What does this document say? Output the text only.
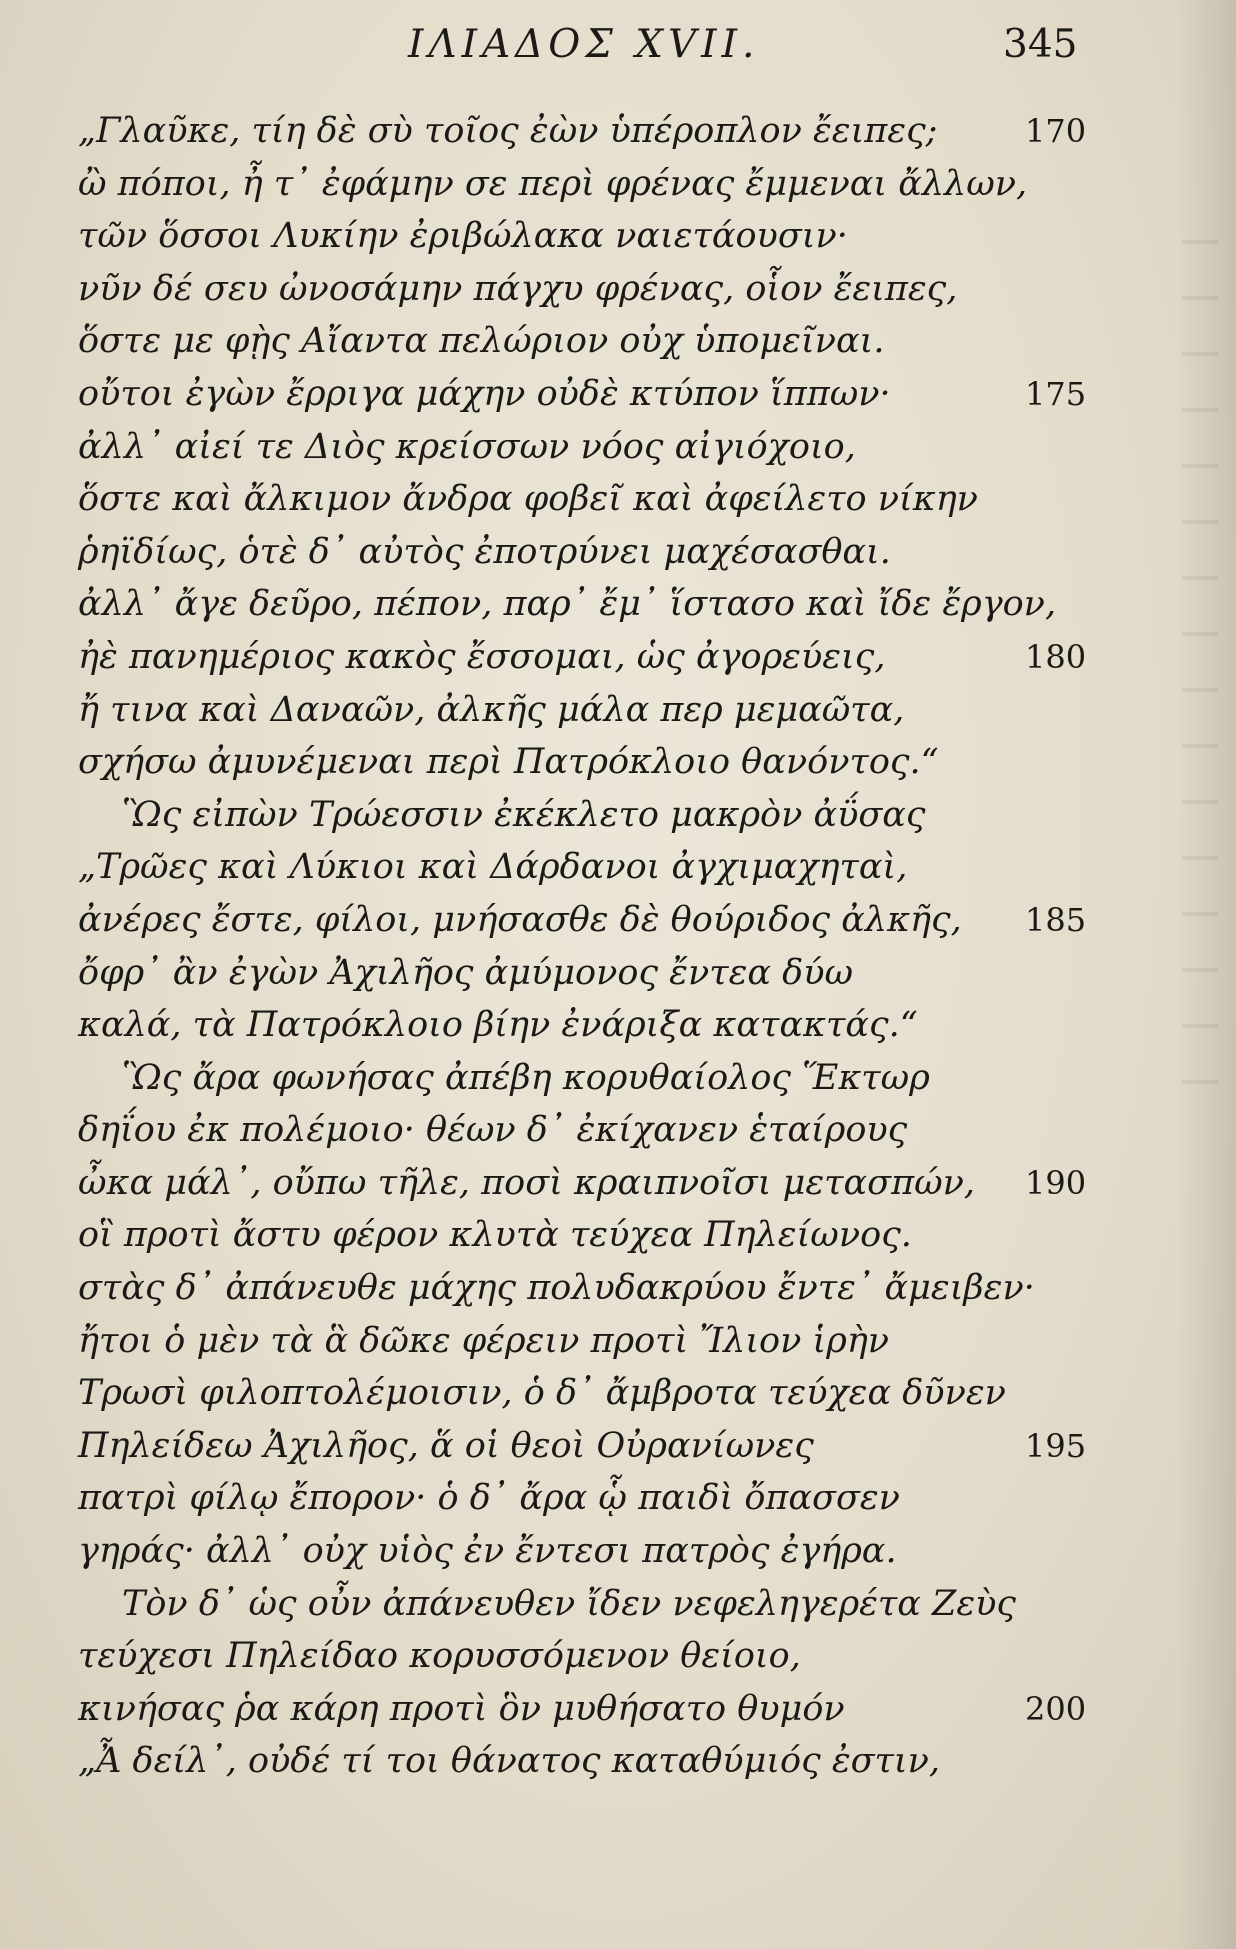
ΙΛΙΑΔΟΣ XVII.	345
„Γλαῦκε, τίη δὲ σὺ τοῖος ἐὼν ὑπέροπλον ἔειπες;	170
ὢ πόποι, ἦ τ᾽ ἐφάμην σε περὶ φρένας ἔμμεναι ἄλλων,
τῶν ὅσσοι Λυκίην ἐριβώλακα ναιετάουσιν·
νῦν δέ σευ ὠνοσάμην πάγχυ φρένας, οἷον ἔειπες,
ὅστε με φῂς Αἴαντα πελώριον οὐχ ὑπομεῖναι.
οὔτοι ἐγὼν ἔρριγα μάχην οὐδὲ κτύπον ἵππων·	175
ἀλλ᾽ αἰεί τε Διὸς κρείσσων νόος αἰγιόχοιο,
ὅστε καὶ ἄλκιμον ἄνδρα φοβεῖ καὶ ἀφείλετο νίκην
ῥηϊδίως, ὁτὲ δ᾽ αὐτὸς ἐποτρύνει μαχέσασθαι.
ἀλλ᾽ ἄγε δεῦρο, πέπον, παρ᾽ ἔμ᾽ ἵστασο καὶ ἴδε ἔργον,
ἠὲ πανημέριος κακὸς ἔσσομαι, ὡς ἀγορεύεις,	180
ἤ τινα καὶ Δαναῶν, ἀλκῆς μάλα περ μεμαῶτα,
σχήσω ἀμυνέμεναι περὶ Πατρόκλοιο θανόντος.“
Ὣς εἰπὼν Τρώεσσιν ἐκέκλετο μακρὸν ἀΰσας
„Τρῶες καὶ Λύκιοι καὶ Δάρδανοι ἀγχιμαχηταὶ,
ἀνέρες ἔστε, φίλοι, μνήσασθε δὲ θούριδος ἀλκῆς, 185
ὄφρ᾽ ἂν ἐγὼν Ἀχιλῆος ἀμύμονος ἔντεα δύω
καλά, τὰ Πατρόκλοιο βίην ἐνάριξα κατακτάς.“
Ὣς ἄρα φωνήσας ἀπέβη κορυθαίολος Ἕκτωρ
δηΐου ἐκ πολέμοιο· θέων δ᾽ ἐκίχανεν ἑταίρους
ὦκα μάλ᾽, οὔπω τῆλε, ποσὶ κραιπνοῖσι μετασπών, 190
οἳ προτὶ ἄστυ φέρον κλυτὰ τεύχεα Πηλείωνος.
στὰς δ᾽ ἀπάνευθε μάχης πολυδακρύου ἔντε᾽ ἄμειβεν·
ἤτοι ὁ μὲν τὰ ἃ δῶκε φέρειν προτὶ Ἴλιον ἱρὴν
Τρωσὶ φιλοπτολέμοισιν, ὁ δ᾽ ἄμβροτα τεύχεα δῦνεν
Πηλείδεω Ἀχιλῆος, ἅ οἱ θεοὶ Οὐρανίωνες	195
πατρὶ φίλῳ ἔπορον· ὁ δ᾽ ἄρα ᾧ παιδὶ ὄπασσεν
γηράς· ἀλλ᾽ οὐχ υἱὸς ἐν ἔντεσι πατρὸς ἐγήρα.
Τὸν δ᾽ ὡς οὖν ἀπάνευθεν ἴδεν νεφεληγερέτα Ζεὺς
τεύχεσι Πηλείδαο κορυσσόμενον θείοιο,
κινήσας ῥα κάρη προτὶ ὃν μυθήσατο θυμόν	200
„Ἆ δείλ᾽, οὐδέ τί τοι θάνατος καταθύμιός ἐστιν,
